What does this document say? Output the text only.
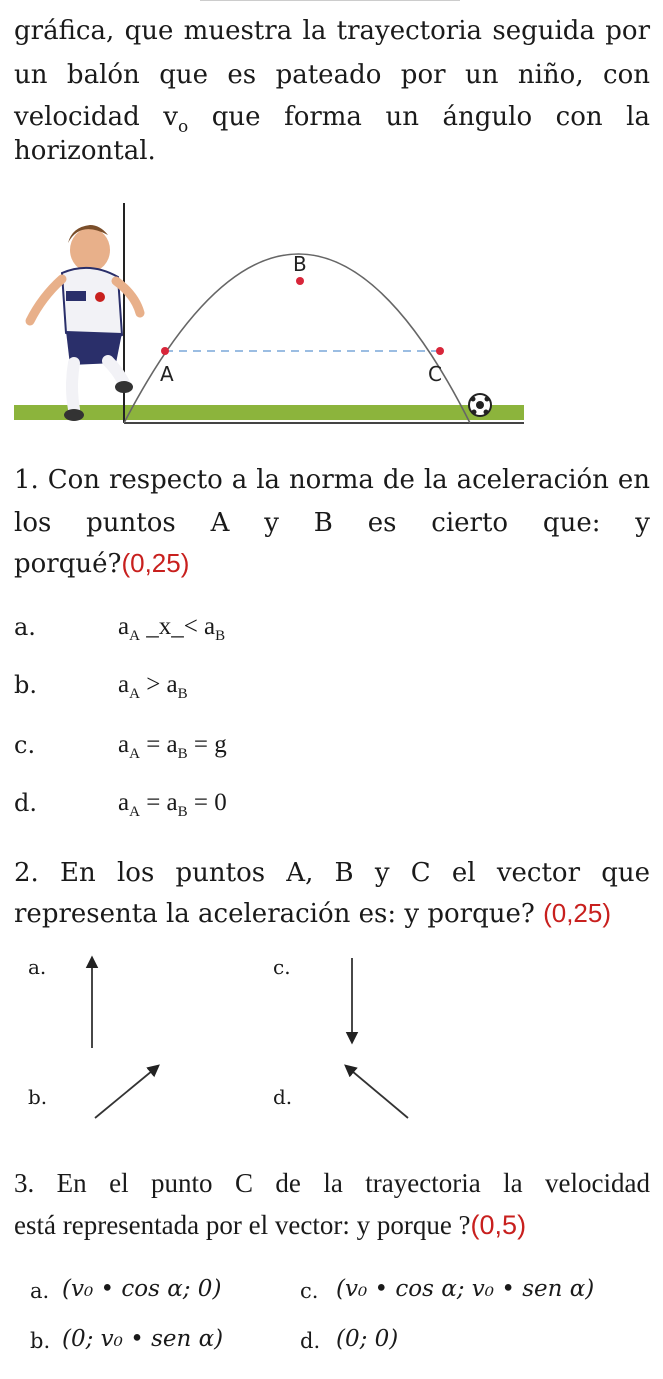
gráfica, que muestra la trayectoria seguida por
un balón que es pateado por un niño, con
velocidad $v_o$ que forma un ángulo con la
horizontal.
A
B
C
1. Con respecto a la norma de la aceleración en
los puntos A y B es cierto que: y
porqué?(0,25)
a.	$a_A$ _x_< $a_B$
b.	$a_A > a_B$
c.	$a_A = a_B = g$
d.	$a_A = a_B = 0$
2. En los puntos A, B y C el vector que
representa la aceleración es: y porque? (0,25)
a.	c.
b.	d.
3. En el punto C de la trayectoria la velocidad
está representada por el vector: y porque ?(0,5)
a. (v₀ • cos α; 0)	c. (v₀ • cos α; v₀ • sen α)
b. (0; v₀ • sen α)	d. (0; 0)
